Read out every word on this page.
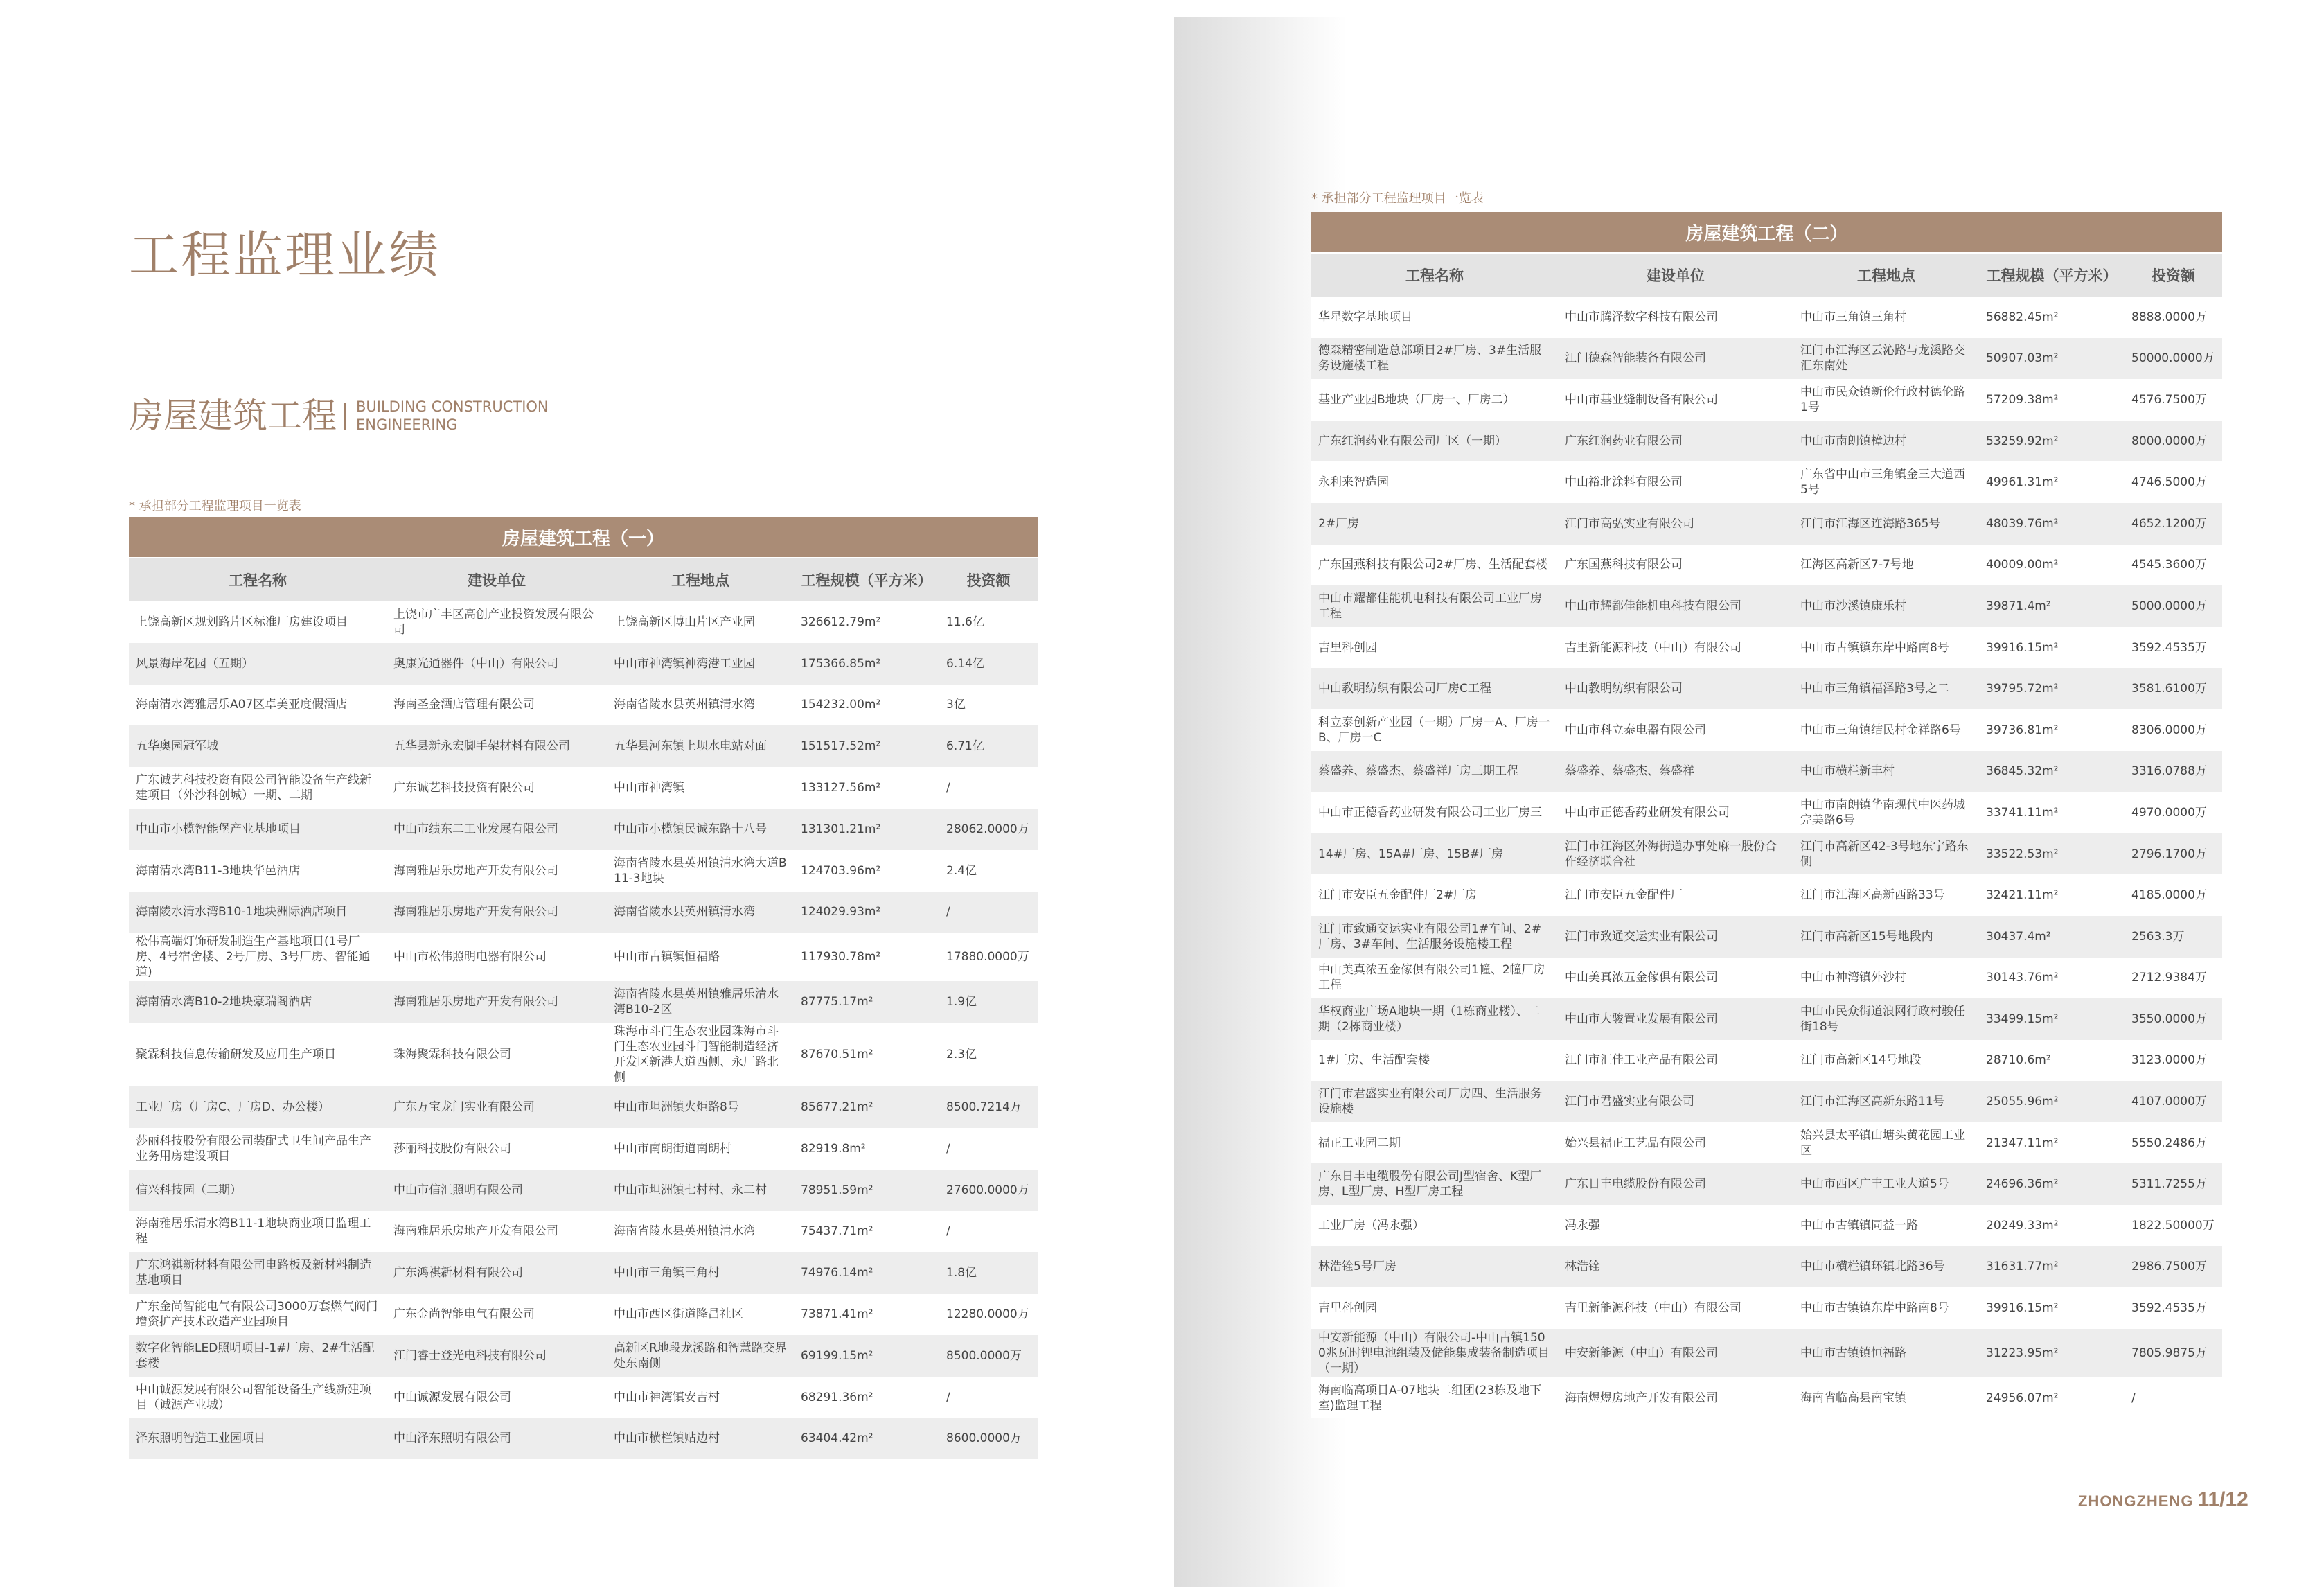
工程监理业绩
房屋建筑工程 BUILDING CONSTRUCTION
ENGINEERING
* 承担部分工程监理项目一览表
房屋建筑工程（一）				
工程名称	建设单位	工程地点	工程规模（平方米）	投资额
上饶高新区规划路片区标准厂房建设项目	上饶市广丰区高创产业投资发展有限公司	上饶高新区博山片区产业园	326612.79m²	11.6亿
风景海岸花园（五期）	奥康光通器件（中山）有限公司	中山市神湾镇神湾港工业园	175366.85m²	6.14亿
海南清水湾雅居乐A07区卓美亚度假酒店	海南圣金酒店管理有限公司	海南省陵水县英州镇清水湾	154232.00m²	3亿
五华奥园冠军城	五华县新永宏脚手架材料有限公司	五华县河东镇上坝水电站对面	151517.52m²	6.71亿
广东诚艺科技投资有限公司智能设备生产线新建项目（外沙科创城）一期、二期	广东诚艺科技投资有限公司	中山市神湾镇	133127.56m²	/
中山市小榄智能堡产业基地项目	中山市绩东二工业发展有限公司	中山市小榄镇民诚东路十八号	131301.21m²	28062.0000万
海南清水湾B11-3地块华邑酒店	海南雅居乐房地产开发有限公司	海南省陵水县英州镇清水湾大道B11-3地块	124703.96m²	2.4亿
海南陵水清水湾B10-1地块洲际酒店项目	海南雅居乐房地产开发有限公司	海南省陵水县英州镇清水湾	124029.93m²	/
松伟高端灯饰研发制造生产基地项目(1号厂房、4号宿舍楼、2号厂房、3号厂房、智能通道)	中山市松伟照明电器有限公司	中山市古镇镇恒福路	117930.78m²	17880.0000万
海南清水湾B10-2地块豪瑞阁酒店	海南雅居乐房地产开发有限公司	海南省陵水县英州镇雅居乐清水湾B10-2区	87775.17m²	1.9亿
聚霖科技信息传输研发及应用生产项目	珠海聚霖科技有限公司	珠海市斗门生态农业园珠海市斗门生态农业园斗门智能制造经济开发区新港大道西侧、永厂路北侧	87670.51m²	2.3亿
工业厂房（厂房C、厂房D、办公楼）	广东万宝龙门实业有限公司	中山市坦洲镇火炬路8号	85677.21m²	8500.7214万
莎丽科技股份有限公司装配式卫生间产品生产业务用房建设项目	莎丽科技股份有限公司	中山市南朗街道南朗村	82919.8m²	/
信兴科技园（二期）	中山市信汇照明有限公司	中山市坦洲镇七村村、永二村	78951.59m²	27600.0000万
海南雅居乐清水湾B11-1地块商业项目监理工程	海南雅居乐房地产开发有限公司	海南省陵水县英州镇清水湾	75437.71m²	/
广东鸿祺新材料有限公司电路板及新材料制造基地项目	广东鸿祺新材料有限公司	中山市三角镇三角村	74976.14m²	1.8亿
广东金尚智能电气有限公司3000万套燃气阀门增资扩产技术改造产业园项目	广东金尚智能电气有限公司	中山市西区街道隆昌社区	73871.41m²	12280.0000万
数字化智能LED照明项目-1#厂房、2#生活配套楼	江门睿士登光电科技有限公司	高新区R地段龙溪路和智慧路交界处东南侧	69199.15m²	8500.0000万
中山诚源发展有限公司智能设备生产线新建项目（诚源产业城）	中山诚源发展有限公司	中山市神湾镇安吉村	68291.36m²	/
泽东照明智造工业园项目	中山泽东照明有限公司	中山市横栏镇贴边村	63404.42m²	8600.0000万
* 承担部分工程监理项目一览表
房屋建筑工程（二）				
工程名称	建设单位	工程地点	工程规模（平方米）	投资额
华星数字基地项目	中山市腾泽数字科技有限公司	中山市三角镇三角村	56882.45m²	8888.0000万
德森精密制造总部项目2#厂房、3#生活服务设施楼工程	江门德森智能装备有限公司	江门市江海区云沁路与龙溪路交汇东南处	50907.03m²	50000.0000万
基业产业园B地块（厂房一、厂房二）	中山市基业缝制设备有限公司	中山市民众镇新伦行政村德伦路1号	57209.38m²	4576.7500万
广东红润药业有限公司厂区（一期）	广东红润药业有限公司	中山市南朗镇樟边村	53259.92m²	8000.0000万
永利来智造园	中山裕北涂料有限公司	广东省中山市三角镇金三大道西5号	49961.31m²	4746.5000万
2#厂房	江门市高弘实业有限公司	江门市江海区连海路365号	48039.76m²	4652.1200万
广东国燕科技有限公司2#厂房、生活配套楼	广东国燕科技有限公司	江海区高新区7-7号地	40009.00m²	4545.3600万
中山市耀都佳能机电科技有限公司工业厂房工程	中山市耀都佳能机电科技有限公司	中山市沙溪镇康乐村	39871.4m²	5000.0000万
吉里科创园	吉里新能源科技（中山）有限公司	中山市古镇镇东岸中路南8号	39916.15m²	3592.4535万
中山教明纺织有限公司厂房C工程	中山教明纺织有限公司	中山市三角镇福泽路3号之二	39795.72m²	3581.6100万
科立泰创新产业园（一期）厂房一A、厂房一B、厂房一C	中山市科立泰电器有限公司	中山市三角镇结民村金祥路6号	39736.81m²	8306.0000万
蔡盛养、蔡盛杰、蔡盛祥厂房三期工程	蔡盛养、蔡盛杰、蔡盛祥	中山市横栏新丰村	36845.32m²	3316.0788万
中山市正德香药业研发有限公司工业厂房三	中山市正德香药业研发有限公司	中山市南朗镇华南现代中医药城完美路6号	33741.11m²	4970.0000万
14#厂房、15A#厂房、15B#厂房	江门市江海区外海街道办事处麻一股份合作经济联合社	江门市高新区42-3号地东宁路东侧	33522.53m²	2796.1700万
江门市安臣五金配件厂2#厂房	江门市安臣五金配件厂	江门市江海区高新西路33号	32421.11m²	4185.0000万
江门市致通交运实业有限公司1#车间、2#厂房、3#车间、生活服务设施楼工程	江门市致通交运实业有限公司	江门市高新区15号地段内	30437.4m²	2563.3万
中山美真浓五金傢俱有限公司1幢、2幢厂房工程	中山美真浓五金傢俱有限公司	中山市神湾镇外沙村	30143.76m²	2712.9384万
华权商业广场A地块一期（1栋商业楼）、二期（2栋商业楼）	中山市大骏置业发展有限公司	中山市民众街道浪网行政村骏任街18号	33499.15m²	3550.0000万
1#厂房、生活配套楼	江门市汇佳工业产品有限公司	江门市高新区14号地段	28710.6m²	3123.0000万
江门市君盛实业有限公司厂房四、生活服务设施楼	江门市君盛实业有限公司	江门市江海区高新东路11号	25055.96m²	4107.0000万
福正工业园二期	始兴县福正工艺品有限公司	始兴县太平镇山塘头黄花园工业区	21347.11m²	5550.2486万
广东日丰电缆股份有限公司J型宿舍、K型厂房、L型厂房、H型厂房工程	广东日丰电缆股份有限公司	中山市西区广丰工业大道5号	24696.36m²	5311.7255万
工业厂房（冯永强）	冯永强	中山市古镇镇同益一路	20249.33m²	1822.50000万
林浩铨5号厂房	林浩铨	中山市横栏镇环镇北路36号	31631.77m²	2986.7500万
吉里科创园	吉里新能源科技（中山）有限公司	中山市古镇镇东岸中路南8号	39916.15m²	3592.4535万
中安新能源（中山）有限公司-中山古镇1500兆瓦时锂电池组装及储能集成装备制造项目（一期）	中安新能源（中山）有限公司	中山市古镇镇恒福路	31223.95m²	7805.9875万
海南临高项目A-07地块二组团(23栋及地下室)监理工程	海南煜煜房地产开发有限公司	海南省临高县南宝镇	24956.07m²	/
ZHONGZHENG 11/12
